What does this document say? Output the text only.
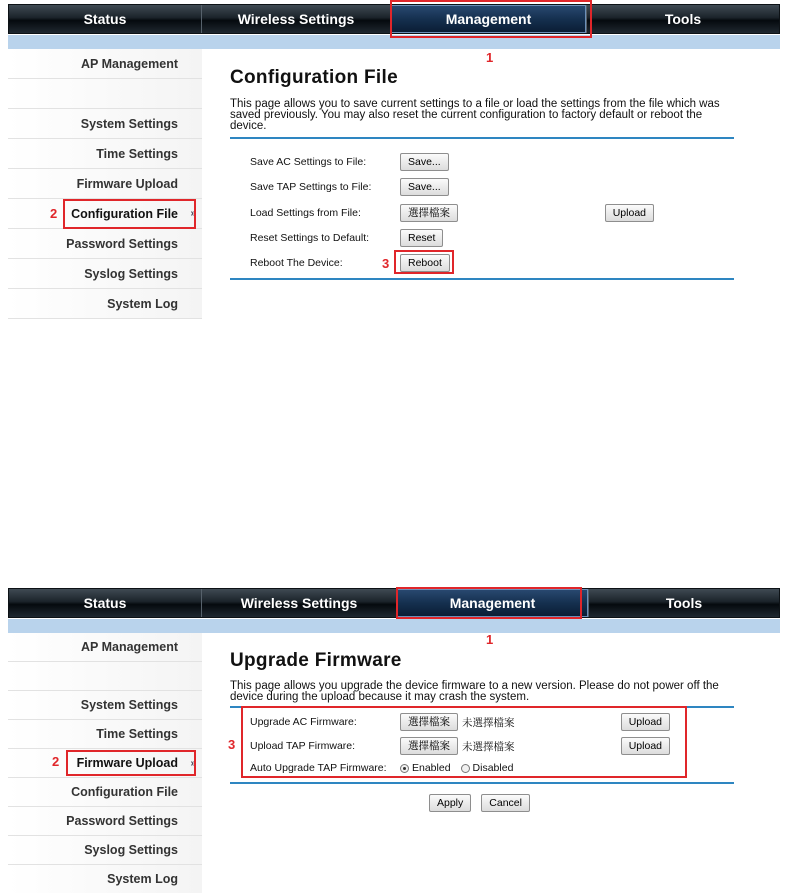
Status	Wireless Settings	Management	Tools
AP Management
System Settings
Time Settings
Firmware Upload
Configuration File »
Password Settings
Syslog Settings
System Log
Configuration File
This page allows you to save current settings to a file or load the settings from the file which was saved previously. You may also reset the current configuration to factory default or reboot the device.
Save AC Settings to File:	Save...
Save TAP Settings to File:	Save...
Load Settings from File:	選擇檔案	Upload
Reset Settings to Default:	Reset
Reboot The Device:	Reboot
1
2
3
Status	Wireless Settings	Management	Tools
AP Management
System Settings
Time Settings
Firmware Upload »
Configuration File
Password Settings
Syslog Settings
System Log
Upgrade Firmware
This page allows you upgrade the device firmware to a new version. Please do not power off the device during the upload because it may crash the system.
Upgrade AC Firmware:	選擇檔案	未選擇檔案	Upload
Upload TAP Firmware:	選擇檔案	未選擇檔案	Upload
Auto Upgrade TAP Firmware:	Enabled Disabled
Apply	Cancel
1
2
3
